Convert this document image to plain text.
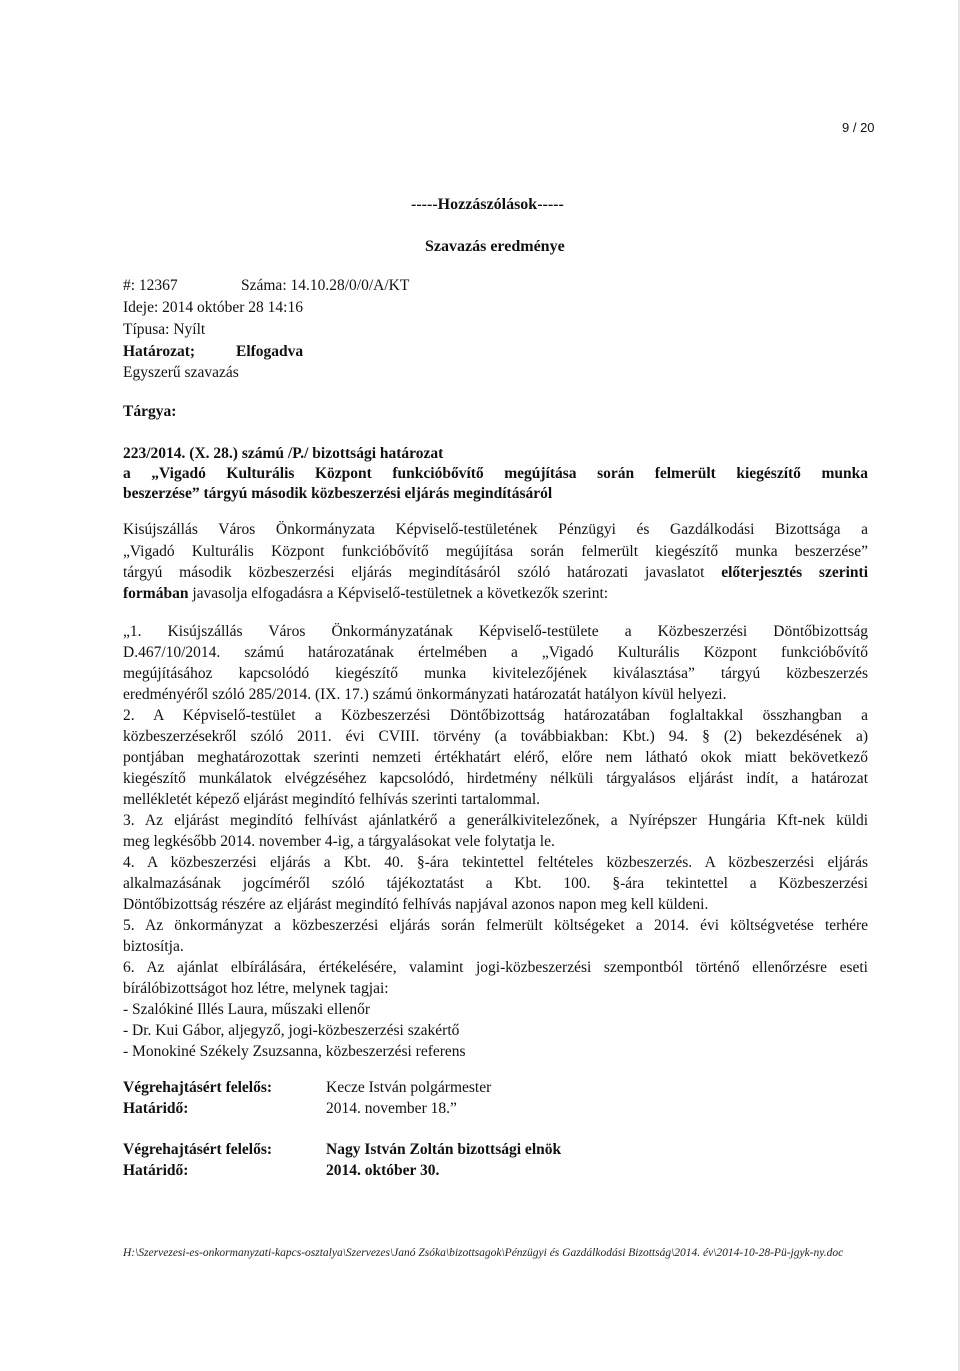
9 / 20
-----Hozzászólások-----
Szavazás eredménye
#: 12367	Száma: 14.10.28/0/0/A/KT
Ideje: 2014 október 28 14:16
Típusa: Nyílt
Határozat;	Elfogadva
Egyszerű szavazás
Tárgya:
223/2014. (X. 28.) számú /P./ bizottsági határozat
a „Vigadó Kulturális Központ funkcióbővítő megújítása során felmerült kiegészítő munka
beszerzése” tárgyú második közbeszerzési eljárás megindításáról
Kisújszállás Város Önkormányzata Képviselő-testületének Pénzügyi és Gazdálkodási Bizottsága a
„Vigadó Kulturális Központ funkcióbővítő megújítása során felmerült kiegészítő munka beszerzése”
tárgyú második közbeszerzési eljárás megindításáról szóló határozati javaslatot előterjesztés szerinti
formában javasolja elfogadásra a Képviselő-testületnek a következők szerint:
„1. Kisújszállás Város Önkormányzatának Képviselő-testülete a Közbeszerzési Döntőbizottság
D.467/10/2014. számú határozatának értelmében a „Vigadó Kulturális Központ funkcióbővítő
megújításához kapcsolódó kiegészítő munka kivitelezőjének kiválasztása” tárgyú közbeszerzés
eredményéről szóló 285/2014. (IX. 17.) számú önkormányzati határozatát hatályon kívül helyezi.
2. A Képviselő-testület a Közbeszerzési Döntőbizottság határozatában foglaltakkal összhangban a
közbeszerzésekről szóló 2011. évi CVIII. törvény (a továbbiakban: Kbt.) 94. § (2) bekezdésének a)
pontjában meghatározottak szerinti nemzeti értékhatárt elérő, előre nem látható okok miatt bekövetkező
kiegészítő munkálatok elvégzéséhez kapcsolódó, hirdetmény nélküli tárgyalásos eljárást indít, a határozat
mellékletét képező eljárást megindító felhívás szerinti tartalommal.
3. Az eljárást megindító felhívást ajánlatkérő a generálkivitelezőnek, a Nyírépszer Hungária Kft-nek küldi
meg legkésőbb 2014. november 4-ig, a tárgyalásokat vele folytatja le.
4. A közbeszerzési eljárás a Kbt. 40. §-ára tekintettel feltételes közbeszerzés. A közbeszerzési eljárás
alkalmazásának jogcíméről szóló tájékoztatást a Kbt. 100. §-ára tekintettel a Közbeszerzési
Döntőbizottság részére az eljárást megindító felhívás napjával azonos napon meg kell küldeni.
5. Az önkormányzat a közbeszerzési eljárás során felmerült költségeket a 2014. évi költségvetése terhére
biztosítja.
6. Az ajánlat elbírálására, értékelésére, valamint jogi-közbeszerzési szempontból történő ellenőrzésre eseti
bírálóbizottságot hoz létre, melynek tagjai:
- Szalókiné Illés Laura, műszaki ellenőr
- Dr. Kui Gábor, aljegyző, jogi-közbeszerzési szakértő
- Monokiné Székely Zsuzsanna, közbeszerzési referens
Végrehajtásért felelős:	Kecze István polgármester
Határidő:	2014. november 18.”
Végrehajtásért felelős:	Nagy István Zoltán bizottsági elnök
Határidő:	2014. október 30.
H:\Szervezesi-es-onkormanyzati-kapcs-osztalya\Szervezes\Janó Zsóka\bizottsagok\Pénzügyi és Gazdálkodási Bizottság\2014. év\2014-10-28-Pü-jgyk-ny.doc
